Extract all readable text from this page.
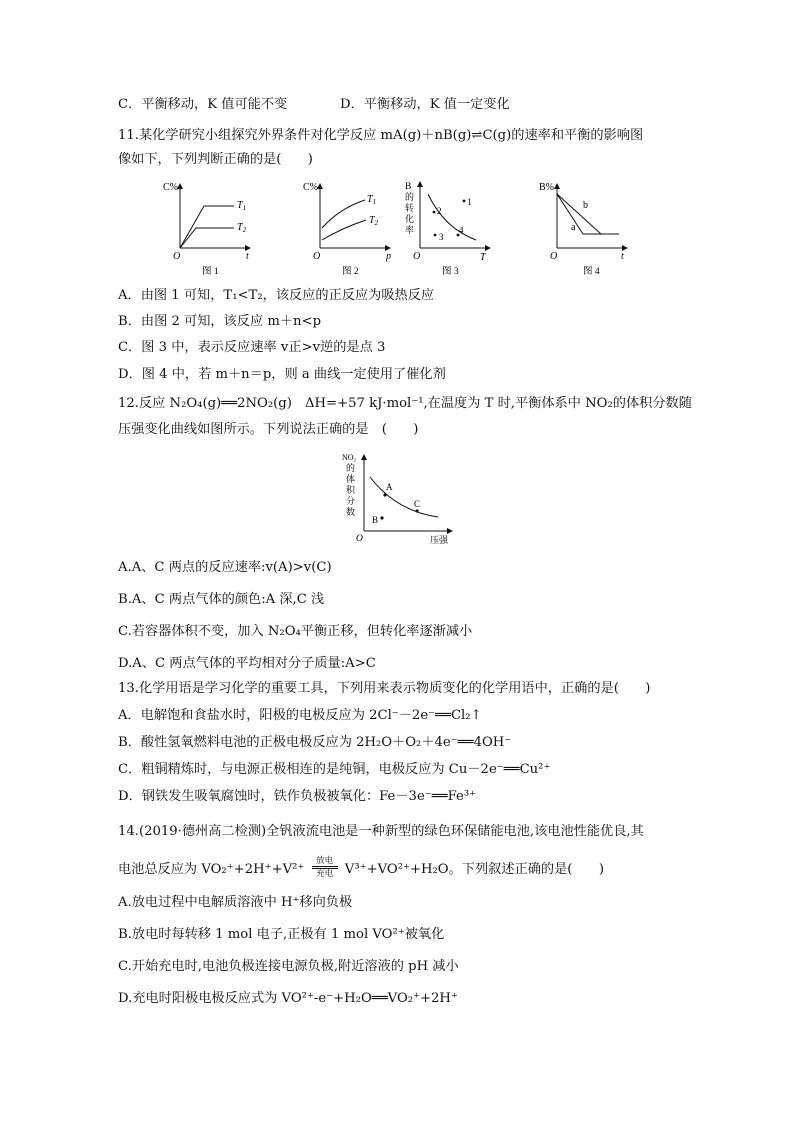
C．平衡移动，K 值可能不变	D．平衡移动，K 值一定变化
11.某化学研究小组探究外界条件对化学反应 mA(g)＋nB(g)⇌C(g)的速率和平衡的影响图
像如下，下列判断正确的是(　　)
C%
O	t
$T_1$
$T_2$
图 1
C%
O	p
$T_1$
$T_2$
图 2
B
的
转
化
率
O	T
1
2
3
4
图 3
B%
O	t
a
b
图 4
A．由图 1 可知，T₁<T₂，该反应的正反应为吸热反应
B．由图 2 可知，该反应 m＋n<p
C．图 3 中，表示反应速率 v正>v逆的是点 3
D．图 4 中，若 m＋n＝p，则 a 曲线一定使用了催化剂
12.反应 N₂O₄(g)══2NO₂(g)　ΔH=+57 kJ·mol⁻¹,在温度为 T 时,平衡体系中 NO₂的体积分数随
压强变化曲线如图所示。下列说法正确的是　(　　)
NO₂
的
体
积
分
数
O	压强
A
B
C
A.A、C 两点的反应速率:v(A)>v(C)
B.A、C 两点气体的颜色:A 深,C 浅
C.若容器体积不变，加入 N₂O₄平衡正移，但转化率逐渐减小
D.A、C 两点气体的平均相对分子质量:A>C
13.化学用语是学习化学的重要工具，下列用来表示物质变化的化学用语中，正确的是(　　)
A．电解饱和食盐水时，阳极的电极反应为 2Cl⁻－2e⁻══Cl₂↑
B．酸性氢氧燃料电池的正极电极反应为 2H₂O＋O₂＋4e⁻══4OH⁻
C．粗铜精炼时，与电源正极相连的是纯铜，电极反应为 Cu－2e⁻══Cu²⁺
D．钢铁发生吸氧腐蚀时，铁作负极被氧化：Fe－3e⁻══Fe³⁺
14.(2019·德州高二检测)全钒液流电池是一种新型的绿色环保储能电池,该电池性能优良,其
电池总反应为 VO₂⁺+2H⁺+V²⁺
放电
充电 V³⁺+VO²⁺+H₂O。下列叙述正确的是(　　)
A.放电过程中电解质溶液中 H⁺移向负极
B.放电时每转移 1 mol 电子,正极有 1 mol VO²⁺被氧化
C.开始充电时,电池负极连接电源负极,附近溶液的 pH 减小
D.充电时阳极电极反应式为 VO²⁺-e⁻+H₂O══VO₂⁺+2H⁺
